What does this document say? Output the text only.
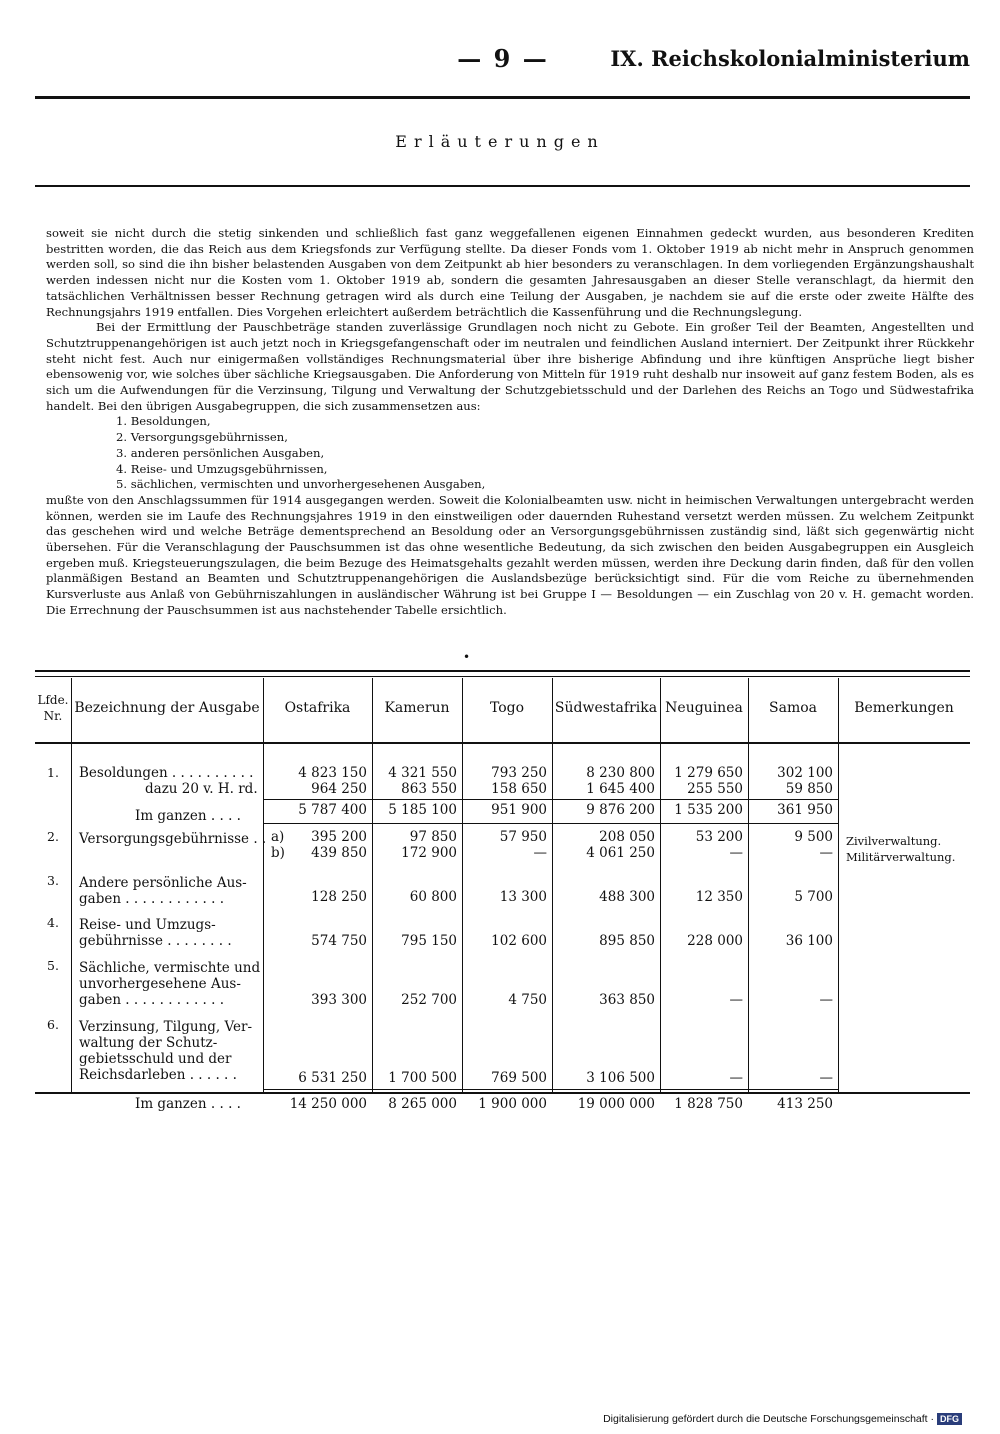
— 9 —	IX. Reichskolonialministerium
Erläuterungen

soweit sie nicht durch die stetig sinkenden und schließlich fast ganz weggefallenen eigenen Einnahmen gedeckt wurden, aus besonderen Krediten bestritten worden, die das Reich aus dem Kriegsfonds zur Verfügung stellte. Da dieser Fonds vom 1. Oktober 1919 ab nicht mehr in Anspruch genommen werden soll, so sind die ihn bisher belastenden Ausgaben von dem Zeitpunkt ab hier besonders zu veranschlagen. In dem vorliegenden Ergänzungshaushalt werden indessen nicht nur die Kosten vom 1. Oktober 1919 ab, sondern die gesamten Jahresausgaben an dieser Stelle veranschlagt, da hiermit den tatsächlichen Verhältnissen besser Rechnung getragen wird als durch eine Teilung der Ausgaben, je nachdem sie auf die erste oder zweite Hälfte des Rechnungsjahrs 1919 entfallen. Dies Vorgehen erleichtert außerdem beträchtlich die Kassenführung und die Rechnungslegung.

Bei der Ermittlung der Pauschbeträge standen zuverlässige Grundlagen noch nicht zu Gebote. Ein großer Teil der Beamten, Angestellten und Schutztruppenangehörigen ist auch jetzt noch in Kriegsgefangenschaft oder im neutralen und feindlichen Ausland interniert. Der Zeitpunkt ihrer Rückkehr steht nicht fest. Auch nur einigermaßen vollständiges Rechnungsmaterial über ihre bisherige Abfindung und ihre künftigen Ansprüche liegt bisher ebensowenig vor, wie solches über sächliche Kriegsausgaben. Die Anforderung von Mitteln für 1919 ruht deshalb nur insoweit auf ganz festem Boden, als es sich um die Aufwendungen für die Verzinsung, Tilgung und Verwaltung der Schutzgebietsschuld und der Darlehen des Reichs an Togo und Südwestafrika handelt. Bei den übrigen Ausgabegruppen, die sich zusammensetzen aus:

1. Besoldungen,
2. Versorgungsgebührnissen,
3. anderen persönlichen Ausgaben,
4. Reise- und Umzugsgebührnissen,
5. sächlichen, vermischten und unvorhergesehenen Ausgaben,

mußte von den Anschlagssummen für 1914 ausgegangen werden. Soweit die Kolonialbeamten usw. nicht in heimischen Verwaltungen untergebracht werden können, werden sie im Laufe des Rechnungsjahres 1919 in den einstweiligen oder dauernden Ruhestand versetzt werden müssen. Zu welchem Zeitpunkt das geschehen wird und welche Beträge dementsprechend an Besoldung oder an Versorgungsgebührnissen zuständig sind, läßt sich gegenwärtig nicht übersehen. Für die Veranschlagung der Pauschsummen ist das ohne wesentliche Bedeutung, da sich zwischen den beiden Ausgabegruppen ein Ausgleich ergeben muß. Kriegsteuerungszulagen, die beim Bezuge des Heimatsgehalts gezahlt werden müssen, werden ihre Deckung darin finden, daß für den vollen planmäßigen Bestand an Beamten und Schutztruppenangehörigen die Auslandsbezüge berücksichtigt sind. Für die vom Reiche zu übernehmenden Kursverluste aus Anlaß von Gebührniszahlungen in ausländischer Währung ist bei Gruppe I — Besoldungen — ein Zuschlag von 20 v. H. gemacht worden. Die Errechnung der Pauschsummen ist aus nachstehender Tabelle ersichtlich.

•
Lfde. Nr. Bezeichnung der Ausgabe	Ostafrika	Kamerun	Togo	Südwestafrika Neuguinea	Samoa	Bemerkungen
1.	Besoldungen . . . . . . . . . .
dazu 20 v. H. rd.
4 823 150	4 321 550	793 250	8 230 800	1 279 650	302 100
964 250	863 550	158 650	1 645 400	255 550	59 850
Im ganzen . . . .	5 787 400	5 185 100	951 900	9 876 200	1 535 200	361 950
2.	Versorgungsgebührnisse . . a)
b)
395 200	97 850	57 950	208 050	53 200	9 500
439 850	172 900	—	4 061 250	—	—
Zivilverwaltung.
Militärverwaltung.
3.	Andere persönliche Aus-
gaben . . . . . . . . . . . .	128 250	60 800	13 300	488 300	12 350	5 700
4.	Reise- und Umzugs-
gebührnisse . . . . . . . .	574 750	795 150	102 600	895 850	228 000	36 100
5.	Sächliche, vermischte und
unvorhergesehene Aus-
gaben . . . . . . . . . . . .	393 300	252 700	4 750	363 850	—	—
6.	Verzinsung, Tilgung, Ver-
waltung der Schutz-
gebietsschuld und der
Reichsdarleben . . . . . .	6 531 250	1 700 500	769 500	3 106 500	—	—
Im ganzen . . . .	14 250 000	8 265 000	1 900 000	19 000 000	1 828 750	413 250
Digitalisierung gefördert durch die Deutsche Forschungsgemeinschaft · DFG
